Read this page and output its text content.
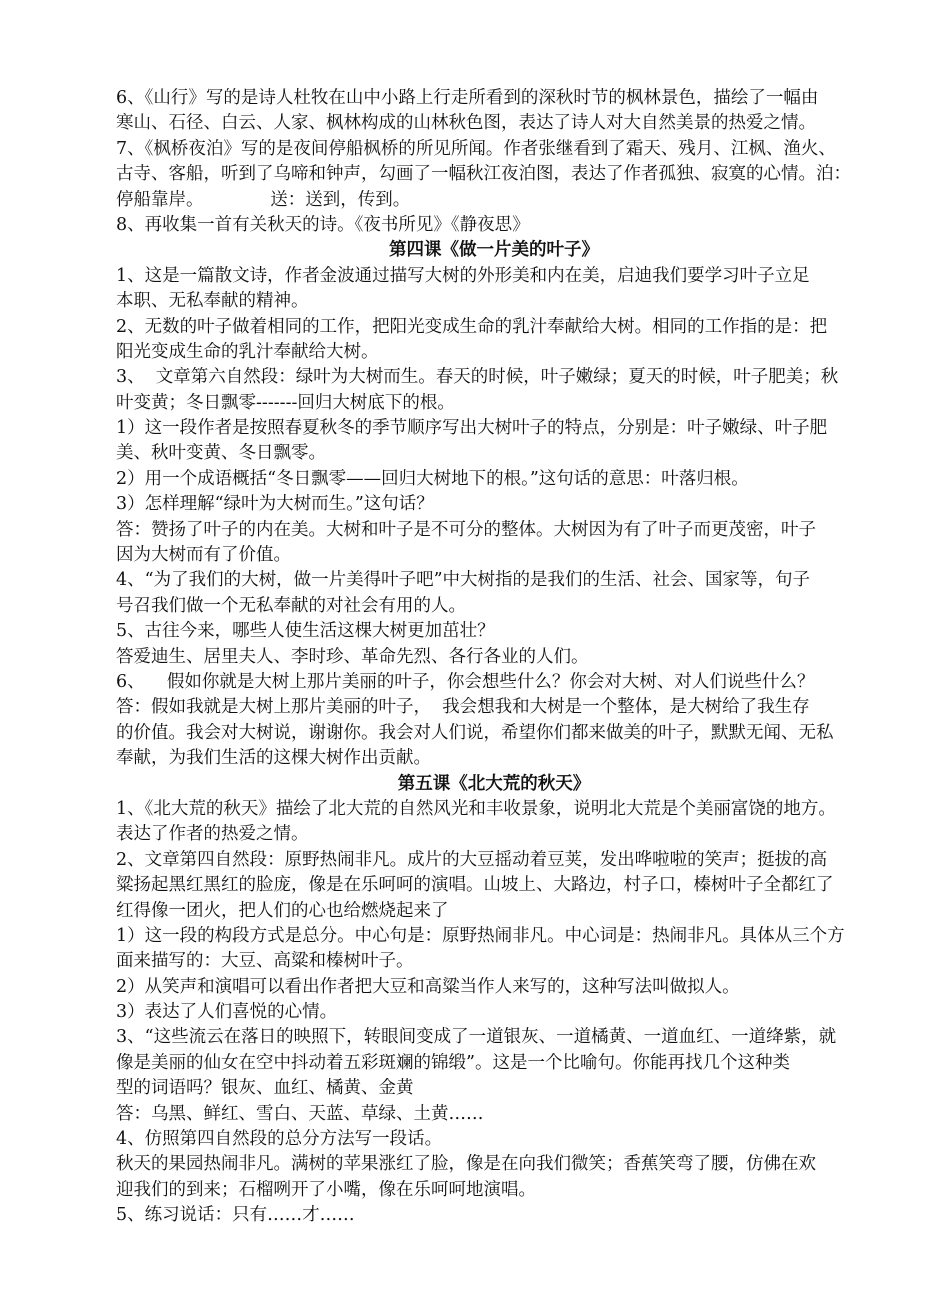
6、《山行》写的是诗人杜牧在山中小路上行走所看到的深秋时节的枫林景色，描绘了一幅由

寒山、石径、白云、人家、枫林构成的山林秋色图，表达了诗人对大自然美景的热爱之情。

7、《枫桥夜泊》写的是夜间停船枫桥的所见所闻。作者张继看到了霜天、残月、江枫、渔火、

古寺、客船，听到了乌啼和钟声，勾画了一幅秋江夜泊图，表达了作者孤独、寂寞的心情。泊：

停船靠岸。            送：送到，传到。

8、再收集一首有关秋天的诗。《夜书所见》《静夜思》

第四课《做一片美的叶子》

1、这是一篇散文诗，作者金波通过描写大树的外形美和内在美，启迪我们要学习叶子立足

本职、无私奉献的精神。

2、无数的叶子做着相同的工作，把阳光变成生命的乳汁奉献给大树。相同的工作指的是：把

阳光变成生命的乳汁奉献给大树。

3、  文章第六自然段：绿叶为大树而生。春天的时候，叶子嫩绿；夏天的时候，叶子肥美；秋

叶变黄；冬日飘零-------回归大树底下的根。

1）这一段作者是按照春夏秋冬的季节顺序写出大树叶子的特点，分别是：叶子嫩绿、叶子肥

美、秋叶变黄、冬日飘零。

2）用一个成语概括“冬日飘零——回归大树地下的根。”这句话的意思：叶落归根。

3）怎样理解“绿叶为大树而生。”这句话？

答：赞扬了叶子的内在美。大树和叶子是不可分的整体。大树因为有了叶子而更茂密，叶子

因为大树而有了价值。

4、“为了我们的大树，做一片美得叶子吧”中大树指的是我们的生活、社会、国家等，句子

号召我们做一个无私奉献的对社会有用的人。

5、古往今来，哪些人使生活这棵大树更加茁壮？

答爱迪生、居里夫人、李时珍、革命先烈、各行各业的人们。

6、    假如你就是大树上那片美丽的叶子，你会想些什么？你会对大树、对人们说些什么？

答：假如我就是大树上那片美丽的叶子，  我会想我和大树是一个整体，是大树给了我生存

的价值。我会对大树说，谢谢你。我会对人们说，希望你们都来做美的叶子，默默无闻、无私

奉献，为我们生活的这棵大树作出贡献。

第五课《北大荒的秋天》

1、《北大荒的秋天》描绘了北大荒的自然风光和丰收景象，说明北大荒是个美丽富饶的地方。

表达了作者的热爱之情。

2、文章第四自然段：原野热闹非凡。成片的大豆摇动着豆荚，发出哗啦啦的笑声；挺拔的高

粱扬起黑红黑红的脸庞，像是在乐呵呵的演唱。山坡上、大路边，村子口，榛树叶子全都红了

红得像一团火，把人们的心也给燃烧起来了

1）这一段的构段方式是总分。中心句是：原野热闹非凡。中心词是：热闹非凡。具体从三个方

面来描写的：大豆、高粱和榛树叶子。

2）从笑声和演唱可以看出作者把大豆和高粱当作人来写的，这种写法叫做拟人。

3）表达了人们喜悦的心情。

3、“这些流云在落日的映照下，转眼间变成了一道银灰、一道橘黄、一道血红、一道绛紫，就

像是美丽的仙女在空中抖动着五彩斑斓的锦缎”。这是一个比喻句。你能再找几个这种类

型的词语吗？银灰、血红、橘黄、金黄

答：乌黑、鲜红、雪白、天蓝、草绿、土黄……

4、仿照第四自然段的总分方法写一段话。

秋天的果园热闹非凡。满树的苹果涨红了脸，像是在向我们微笑；香蕉笑弯了腰，仿佛在欢

迎我们的到来；石榴咧开了小嘴，像在乐呵呵地演唱。

5、练习说话：只有……才……
